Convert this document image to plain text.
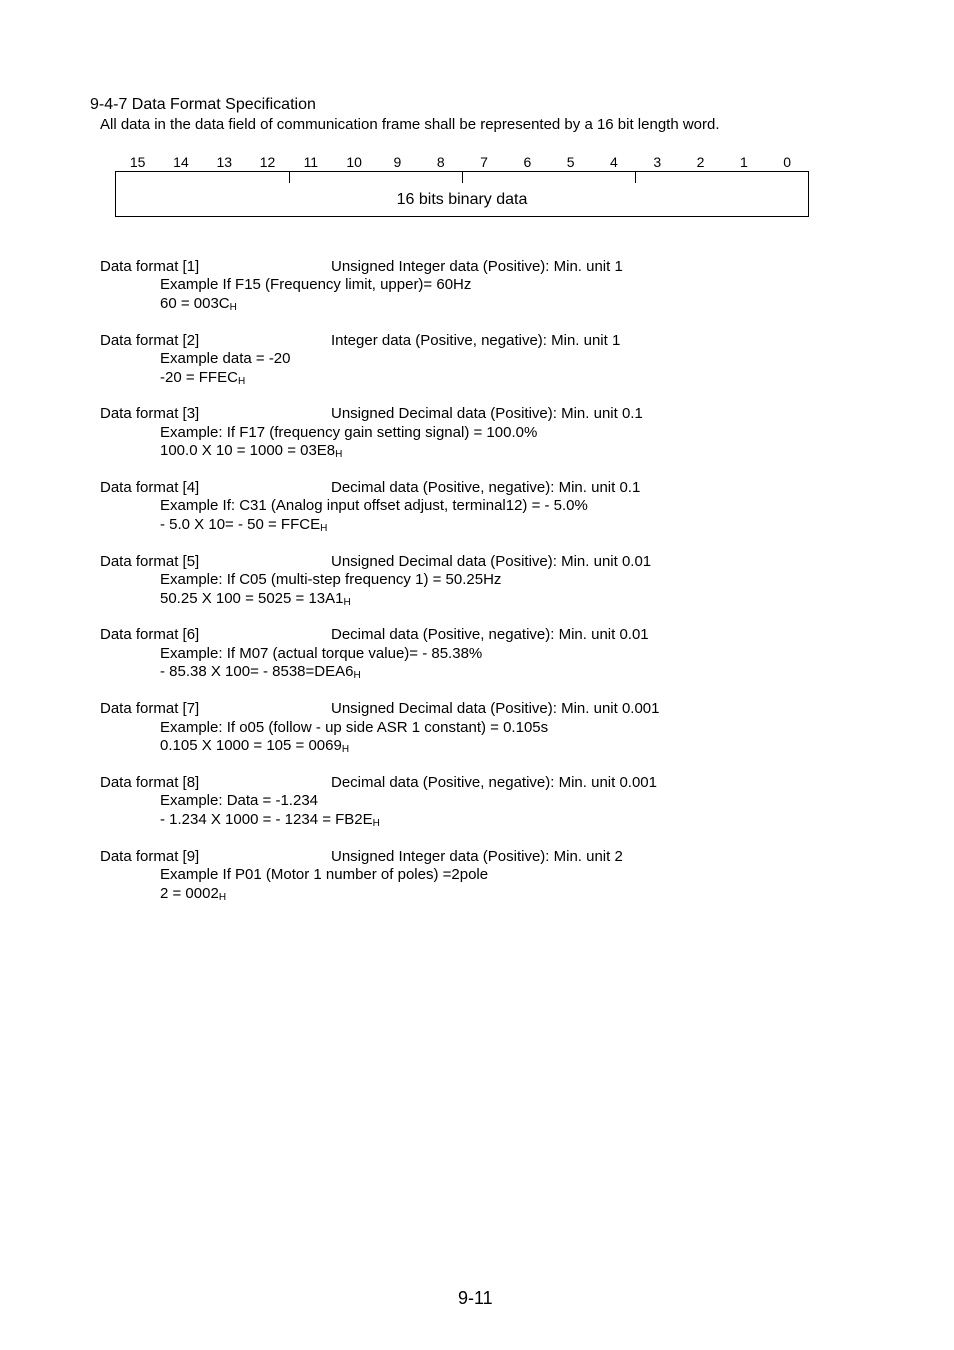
9-4-7 Data Format Specification
All data in the data field of communication frame shall be represented by a 16 bit length word.
15	14	13	12	11	10	9	8	7	6	5	4	3	2	1	0
16 bits binary data
Data format [1]	Unsigned Integer data (Positive): Min. unit 1
Example If F15 (Frequency limit, upper)= 60Hz
$60 = 003C_H$
Data format [2]	Integer data (Positive, negative): Min. unit 1
Example data = -20
$-20 = FFEC_H$
Data format [3]	Unsigned Decimal data (Positive): Min. unit 0.1
Example: If F17 (frequency gain setting signal) = 100.0%
100.0 X $10 = 1000 = 03E8_H$
Data format [4]	Decimal data (Positive, negative): Min. unit 0.1
Example If: C31 (Analog input offset adjust, terminal12) = - 5.0%
- 5.0 X $10= - 50 = FFCE_H$
Data format [5]	Unsigned Decimal data (Positive): Min. unit 0.01
Example: If C05 (multi-step frequency 1) = 50.25Hz
50.25 X $100 = 5025 = 13A1_H$
Data format [6]	Decimal data (Positive, negative): Min. unit 0.01
Example: If M07 (actual torque value)= - 85.38%
- 85.38 X $100= - 8538=DEA6_H$
Data format [7]	Unsigned Decimal data (Positive): Min. unit 0.001
Example: If o05 (follow - up side ASR 1 constant) = 0.105s
0.105 X $1000 = 105 = 0069_H$
Data format [8]	Decimal data (Positive, negative): Min. unit 0.001
Example: Data = -1.234
- 1.234 X 1000 = - $1234 = FB2E_H$
Data format [9]	Unsigned Integer data (Positive): Min. unit 2
Example If P01 (Motor 1 number of poles) =2pole
$2 = 0002_H$
9-11
